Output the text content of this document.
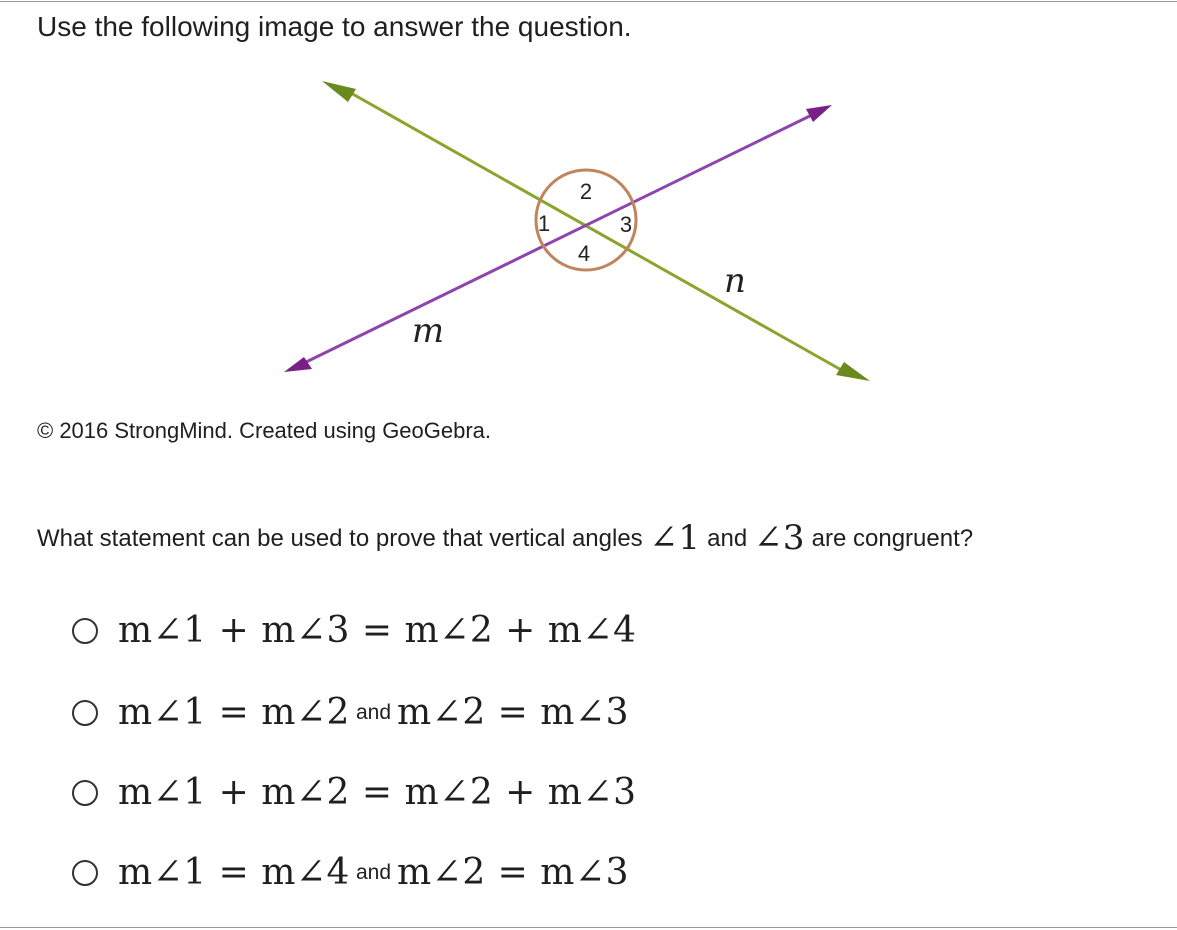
Use the following image to answer the question.
2
1	3
4
n
m
© 2016 StrongMind. Created using GeoGebra.
What statement can be used to prove that vertical angles ∠1 and ∠3 are congruent?
m∠1 + m∠3 = m∠2 + m∠4
m∠1 = m∠2 and m∠2 = m∠3
m∠1 + m∠2 = m∠2 + m∠3
m∠1 = m∠4 and m∠2 = m∠3
